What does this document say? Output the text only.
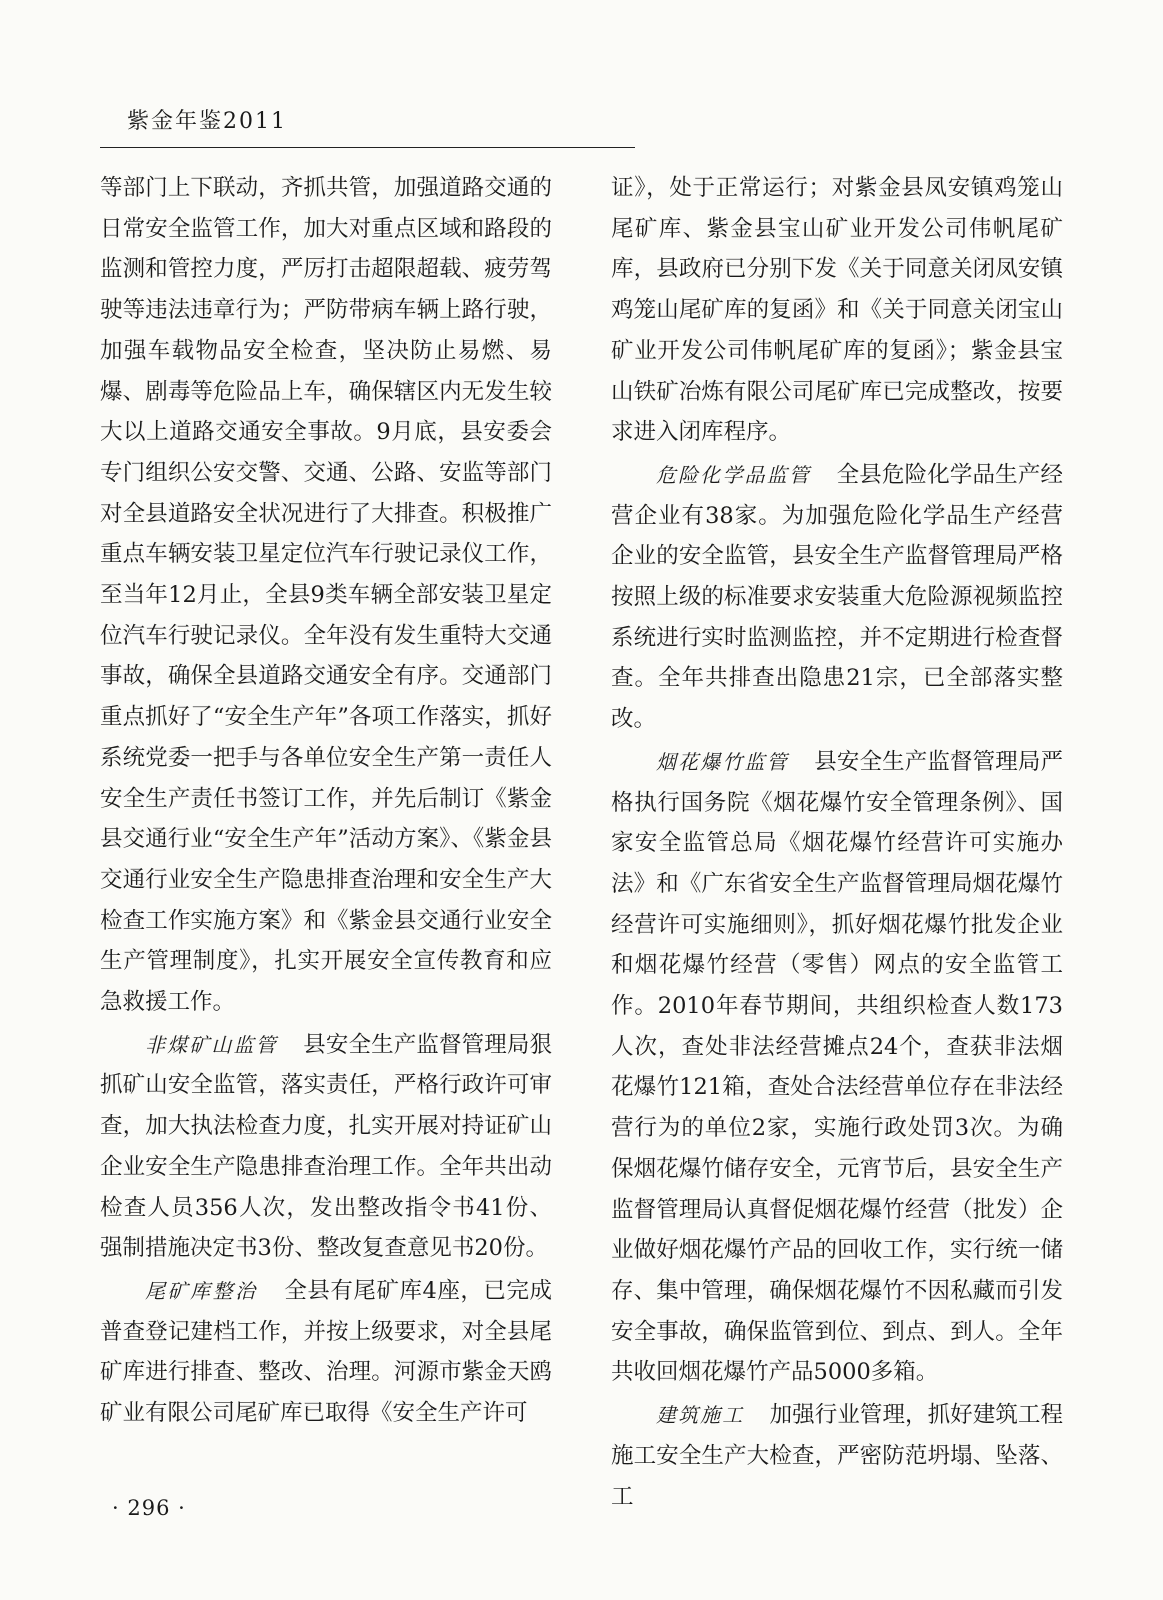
紫金年鉴2011

等部门上下联动，齐抓共管，加强道路交通的日常安全监管工作，加大对重点区域和路段的监测和管控力度，严厉打击超限超载、疲劳驾驶等违法违章行为；严防带病车辆上路行驶，加强车载物品安全检查，坚决防止易燃、易爆、剧毒等危险品上车，确保辖区内无发生较大以上道路交通安全事故。9月底，县安委会专门组织公安交警、交通、公路、安监等部门对全县道路安全状况进行了大排查。积极推广重点车辆安装卫星定位汽车行驶记录仪工作，至当年12月止，全县9类车辆全部安装卫星定位汽车行驶记录仪。全年没有发生重特大交通事故，确保全县道路交通安全有序。交通部门重点抓好了“安全生产年”各项工作落实，抓好系统党委一把手与各单位安全生产第一责任人安全生产责任书签订工作，并先后制订《紫金县交通行业“安全生产年”活动方案》、《紫金县交通行业安全生产隐患排查治理和安全生产大检查工作实施方案》和《紫金县交通行业安全生产管理制度》，扎实开展安全宣传教育和应急救援工作。

非煤矿山监管 县安全生产监督管理局狠抓矿山安全监管，落实责任，严格行政许可审查，加大执法检查力度，扎实开展对持证矿山企业安全生产隐患排查治理工作。全年共出动检查人员356人次，发出整改指令书41份、强制措施决定书3份、整改复查意见书20份。

尾矿库整治 全县有尾矿库4座，已完成普查登记建档工作，并按上级要求，对全县尾矿库进行排查、整改、治理。河源市紫金天鸥矿业有限公司尾矿库已取得《安全生产许可

证》，处于正常运行；对紫金县凤安镇鸡笼山尾矿库、紫金县宝山矿业开发公司伟帆尾矿库，县政府已分别下发《关于同意关闭凤安镇鸡笼山尾矿库的复函》和《关于同意关闭宝山矿业开发公司伟帆尾矿库的复函》；紫金县宝山铁矿冶炼有限公司尾矿库已完成整改，按要求进入闭库程序。

危险化学品监管 全县危险化学品生产经营企业有38家。为加强危险化学品生产经营企业的安全监管，县安全生产监督管理局严格按照上级的标准要求安装重大危险源视频监控系统进行实时监测监控，并不定期进行检查督查。全年共排查出隐患21宗，已全部落实整改。

烟花爆竹监管 县安全生产监督管理局严格执行国务院《烟花爆竹安全管理条例》、国家安全监管总局《烟花爆竹经营许可实施办法》和《广东省安全生产监督管理局烟花爆竹经营许可实施细则》，抓好烟花爆竹批发企业和烟花爆竹经营（零售）网点的安全监管工作。2010年春节期间，共组织检查人数173人次，查处非法经营摊点24个，查获非法烟花爆竹121箱，查处合法经营单位存在非法经营行为的单位2家，实施行政处罚3次。为确保烟花爆竹储存安全，元宵节后，县安全生产监督管理局认真督促烟花爆竹经营（批发）企业做好烟花爆竹产品的回收工作，实行统一储存、集中管理，确保烟花爆竹不因私藏而引发安全事故，确保监管到位、到点、到人。全年共收回烟花爆竹产品5000多箱。

建筑施工 加强行业管理，抓好建筑工程施工安全生产大检查，严密防范坍塌、坠落、工

· 296 ·
